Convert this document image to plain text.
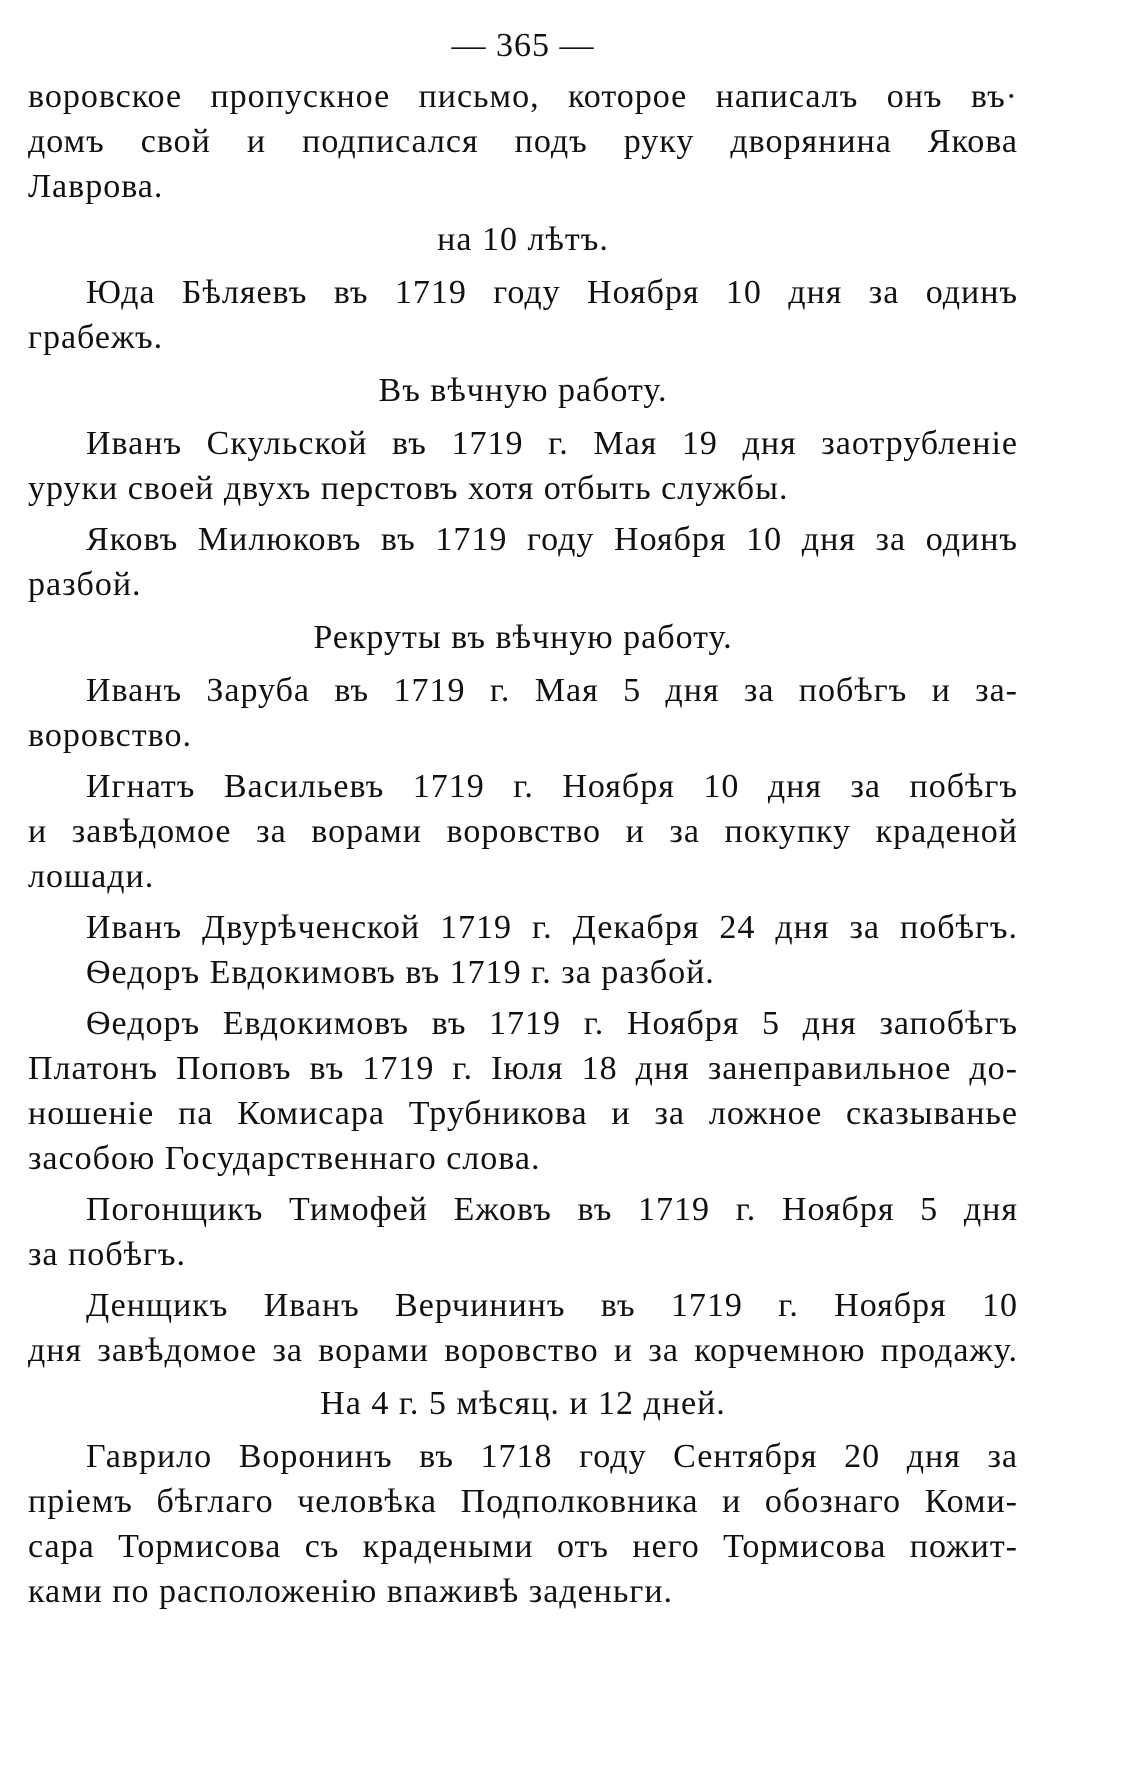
— 365 —
воровское пропускное письмо, которое написалъ онъ въ·
домъ свой и подписался подъ руку дворянина Якова
Лаврова.
на 10 лѣтъ.
Юда Бѣляевъ въ 1719 году Ноября 10 дня за одинъ
грабежъ.
Въ вѣчную работу.
Иванъ Скульской въ 1719 г. Мая 19 дня заотрубленіе
уруки своей двухъ перстовъ хотя отбыть службы.
Яковъ Милюковъ въ 1719 году Ноября 10 дня за одинъ
разбой.
Рекруты въ вѣчную работу.
Иванъ Заруба въ 1719 г. Мая 5 дня за побѣгъ и за-
воровство.
Игнатъ Васильевъ 1719 г. Ноября 10 дня за побѣгъ
и завѣдомое за ворами воровство и за покупку краденой
лошади.
Иванъ Двурѣченской 1719 г. Декабря 24 дня за побѣгъ.
Ѳедоръ Евдокимовъ въ 1719 г. за разбой.
Ѳедоръ Евдокимовъ въ 1719 г. Ноября 5 дня запобѣгъ
Платонъ Поповъ въ 1719 г. Іюля 18 дня занеправильное до-
ношеніе па Комисара Трубникова и за ложное сказыванье
засобою Государственнаго слова.
Погонщикъ Тимофей Ежовъ въ 1719 г. Ноября 5 дня
за побѣгъ.
Денщикъ Иванъ Верчининъ въ 1719 г. Ноября 10
дня завѣдомое за ворами воровство и за корчемною продажу.
На 4 г. 5 мѣсяц. и 12 дней.
Гаврило Воронинъ въ 1718 году Сентября 20 дня за
пріемъ бѣглаго человѣка Подполковника и обознаго Коми-
сара Тормисова съ крадеными отъ него Тормисова пожит-
ками по расположенію впаживѣ заденьги.
